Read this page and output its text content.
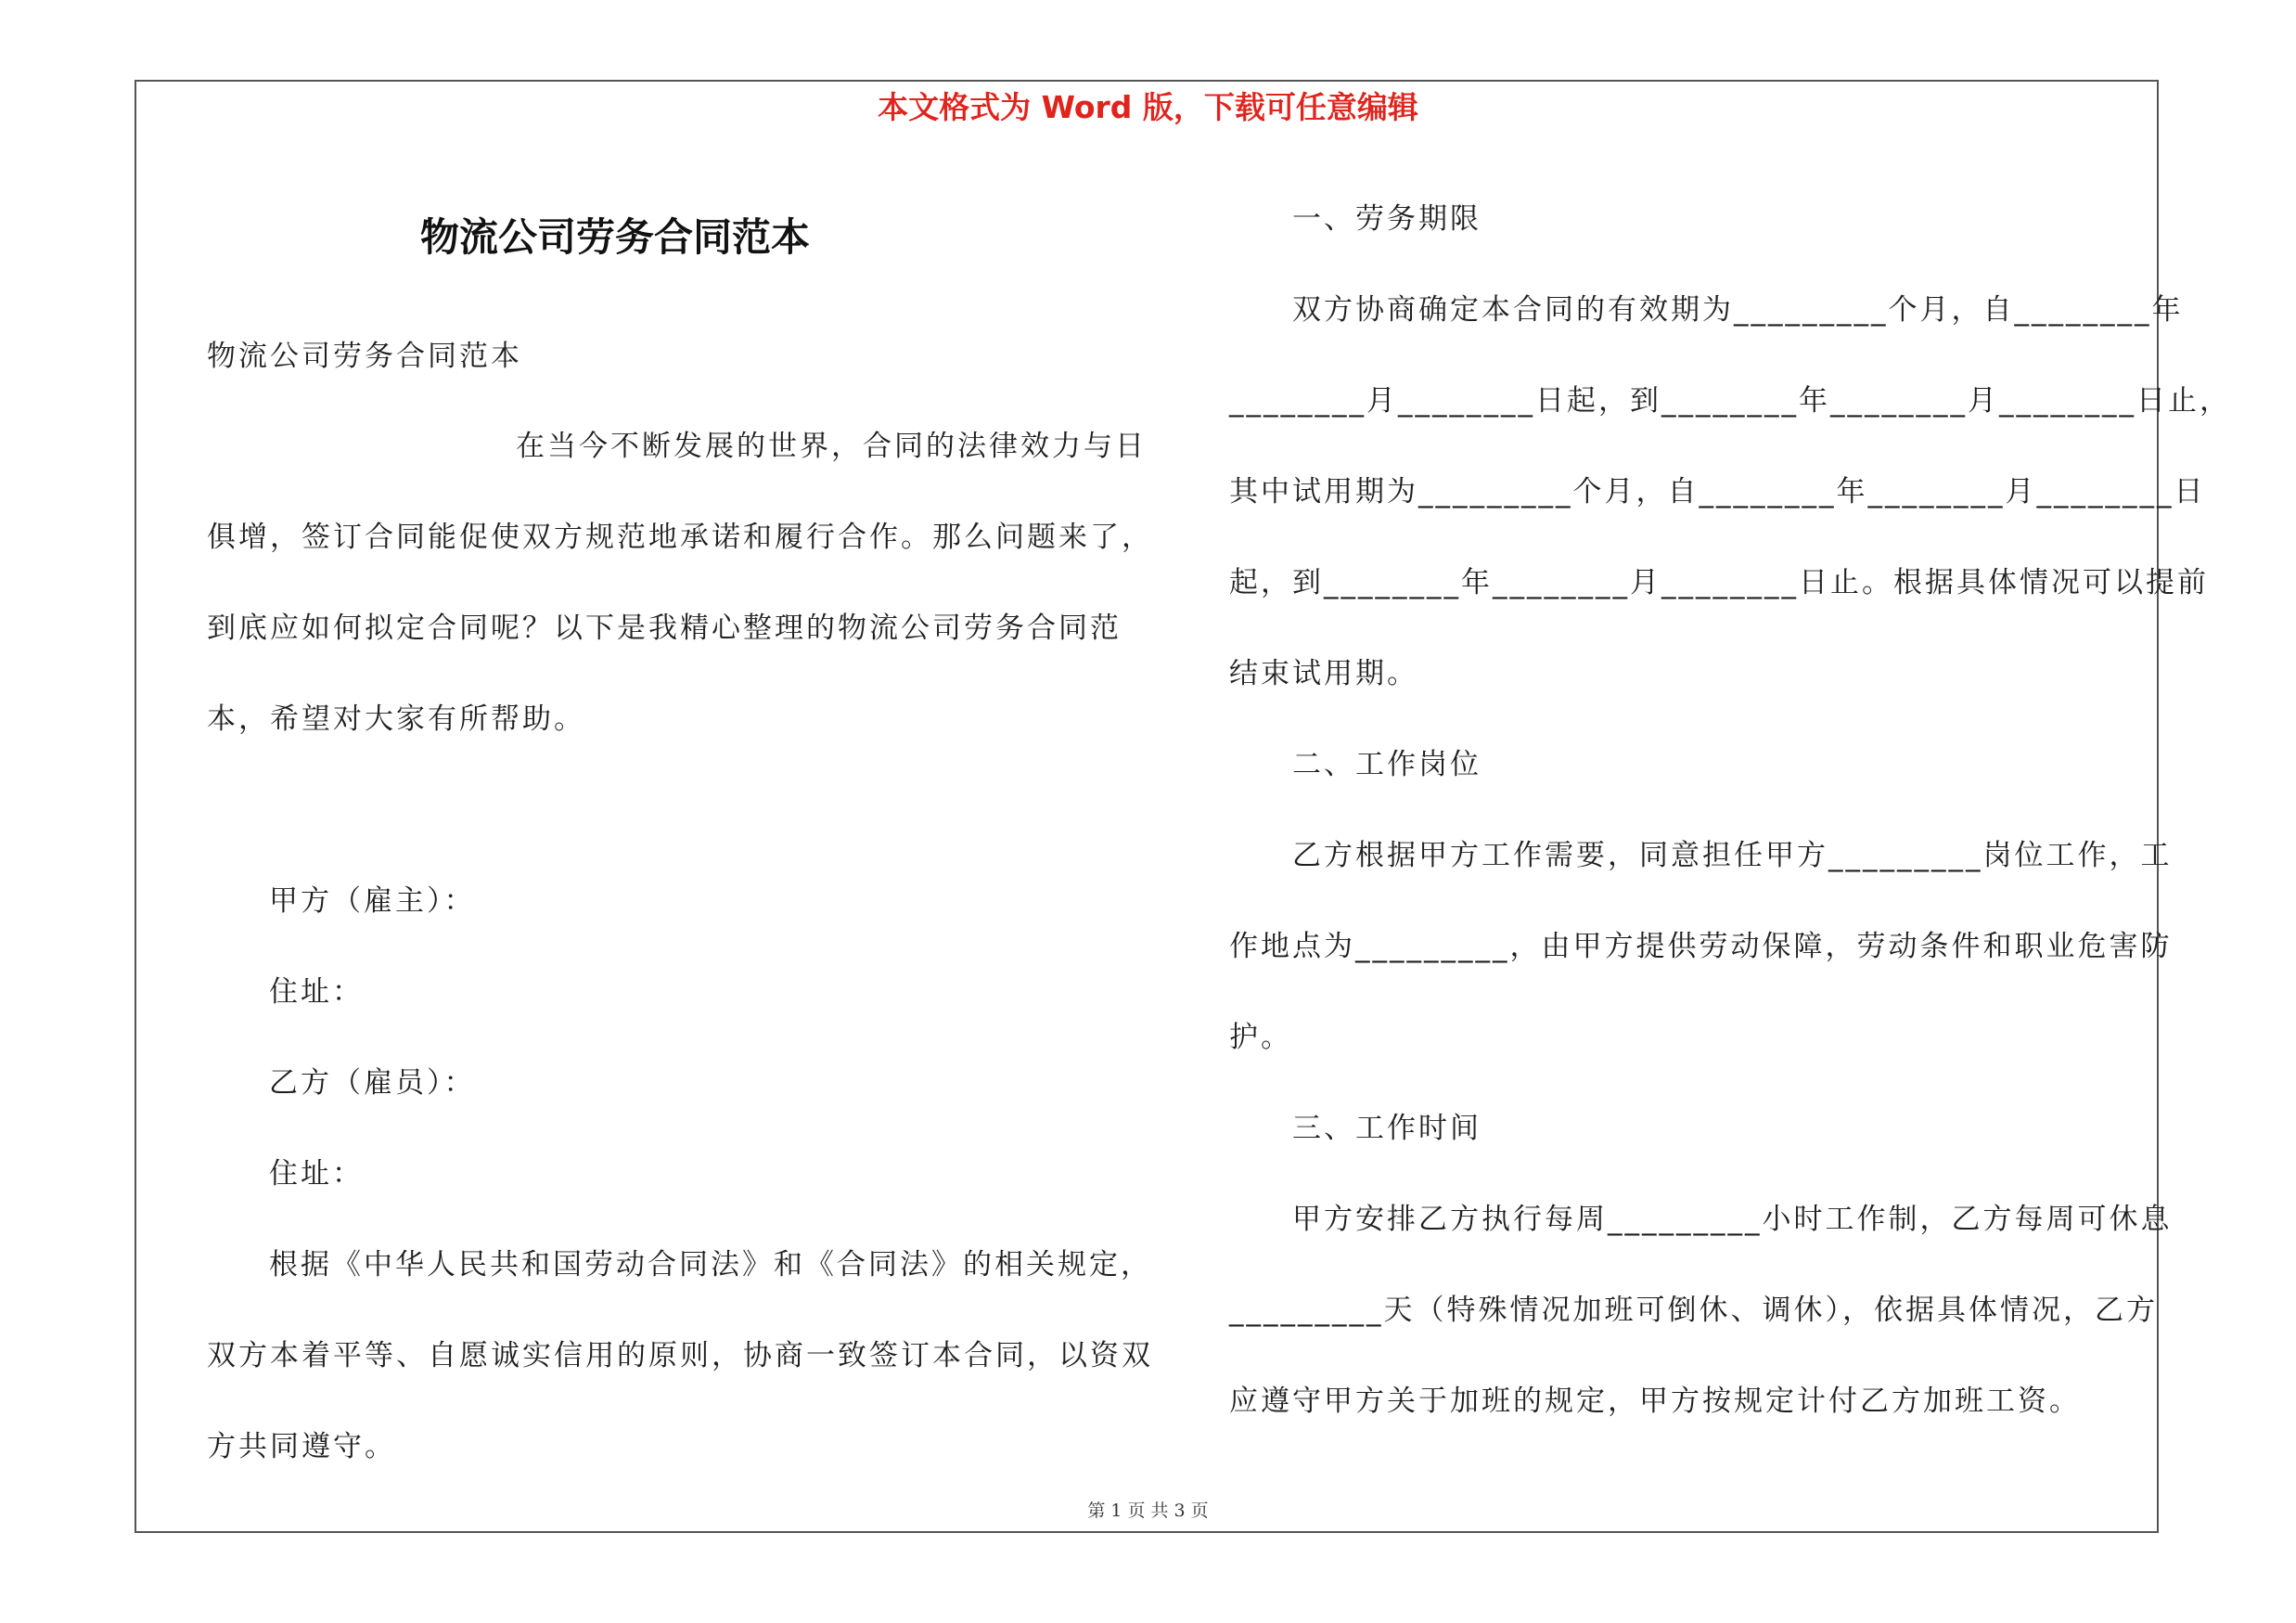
本文格式为 Word 版，下载可任意编辑
物流公司劳务合同范本
物流公司劳务合同范本
在当今不断发展的世界，合同的法律效力与日
俱增，签订合同能促使双方规范地承诺和履行合作。那么问题来了，
到底应如何拟定合同呢？以下是我精心整理的物流公司劳务合同范
本，希望对大家有所帮助。
甲方（雇主）：
住址：
乙方（雇员）：
住址：
根据《中华人民共和国劳动合同法》和《合同法》的相关规定，
双方本着平等、自愿诚实信用的原则，协商一致签订本合同，以资双
方共同遵守。
一、劳务期限
双方协商确定本合同的有效期为_________个月，自________年
________月________日起，到________年________月________日止，
其中试用期为_________个月，自________年________月________日
起，到________年________月________日止。根据具体情况可以提前
结束试用期。
二、工作岗位
乙方根据甲方工作需要，同意担任甲方_________岗位工作，工
作地点为_________，由甲方提供劳动保障，劳动条件和职业危害防
护。
三、工作时间
甲方安排乙方执行每周_________小时工作制，乙方每周可休息
_________天（特殊情况加班可倒休、调休），依据具体情况，乙方
应遵守甲方关于加班的规定，甲方按规定计付乙方加班工资。
第 1 页 共 3 页
